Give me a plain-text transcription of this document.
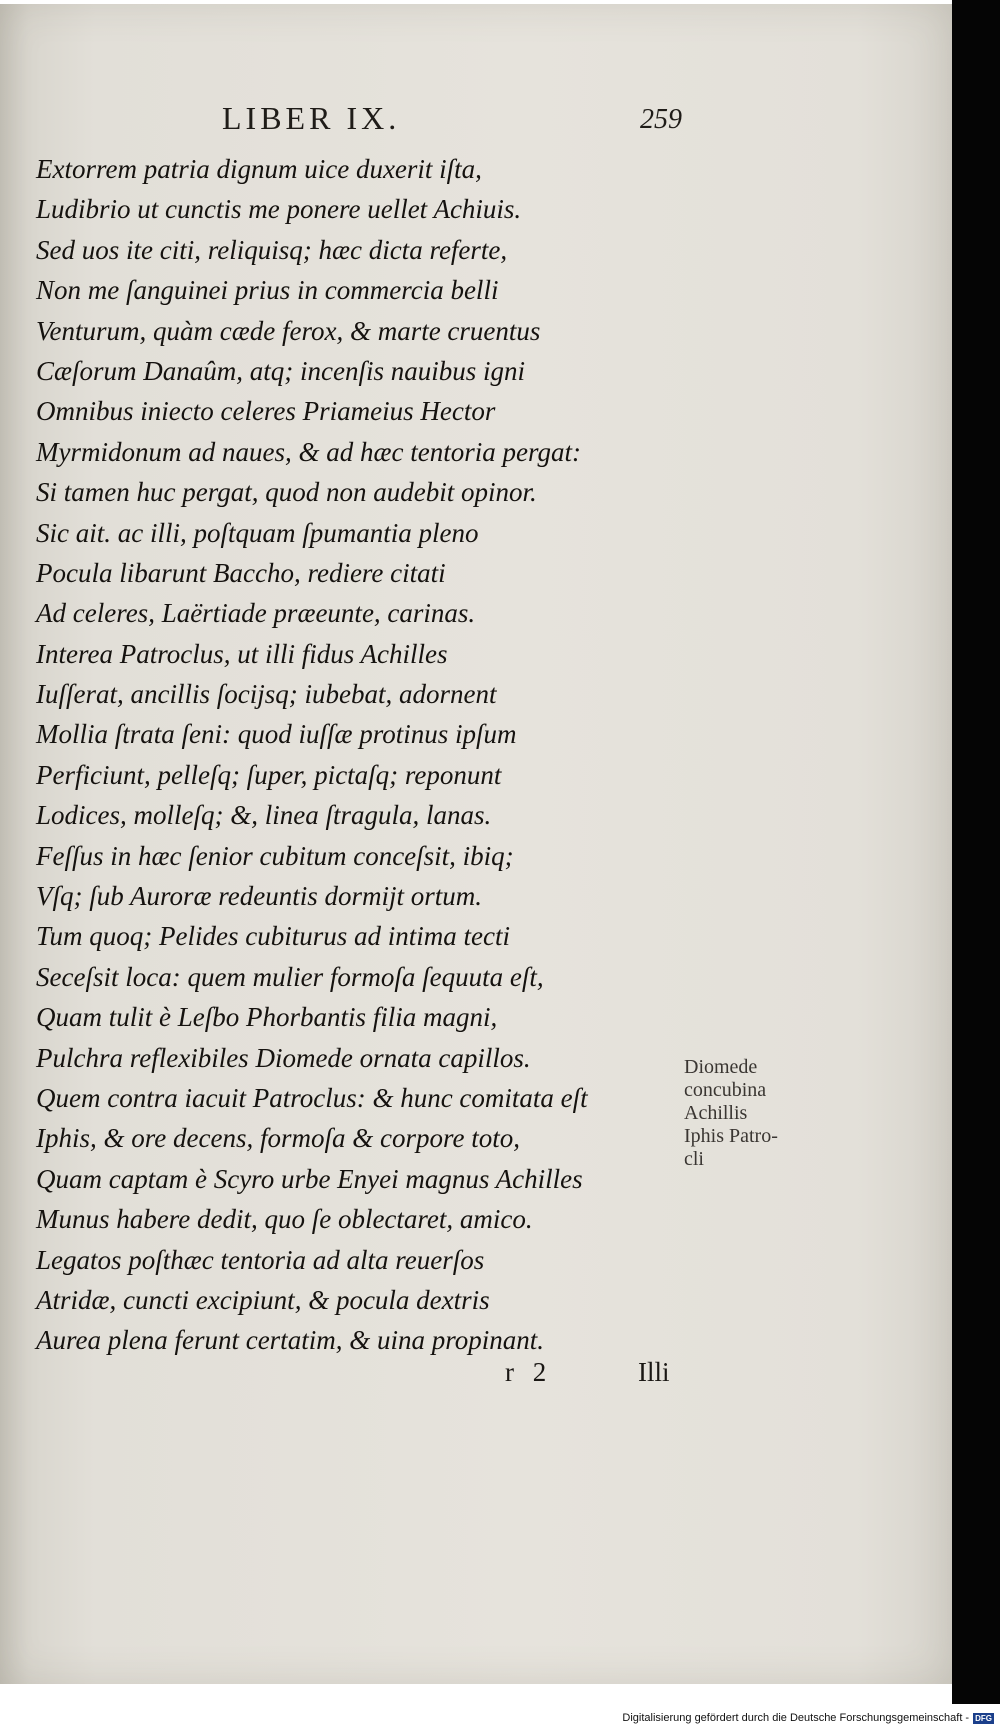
LIBER IX.	259
Extorrem patria dignum uice duxerit iſta,
Ludibrio ut cunctis me ponere uellet Achiuis.
Sed uos ite citi, reliquisq; hæc dicta referte,
Non me ſanguinei prius in commercia belli
Venturum, quàm cæde ferox, & marte cruentus
Cæſorum Danaûm, atq; incenſis nauibus igni
Omnibus iniecto celeres Priameius Hector
Myrmidonum ad naues, & ad hæc tentoria pergat:
Si tamen huc pergat, quod non audebit opinor.
Sic ait. ac illi, poſtquam ſpumantia pleno
Pocula libarunt Baccho, rediere citati
Ad celeres, Laërtiade præeunte, carinas.
Interea Patroclus, ut illi fidus Achilles
Iuſſerat, ancillis ſocijsq; iubebat, adornent
Mollia ſtrata ſeni: quod iuſſæ protinus ipſum
Perficiunt, pelleſq; ſuper, pictaſq; reponunt
Lodices, molleſq; &, linea ſtragula, lanas.
Feſſus in hæc ſenior cubitum conceſsit, ibiq;
Vſq; ſub Auroræ redeuntis dormijt ortum.
Tum quoq; Pelides cubiturus ad intima tecti
Seceſsit loca: quem mulier formoſa ſequuta eſt,
Quam tulit è Leſbo Phorbantis filia magni,
Pulchra reflexibiles Diomede ornata capillos.
Quem contra iacuit Patroclus: & hunc comitata eſt
Iphis, & ore decens, formoſa & corpore toto,
Quam captam è Scyro urbe Enyei magnus Achilles
Munus habere dedit, quo ſe oblectaret, amico.
Legatos poſthæc tentoria ad alta reuerſos
Atridæ, cuncti excipiunt, & pocula dextris
Aurea plena ferunt certatim, & uina propinant.
Diomede
concubina
Achillis
Iphis Patro-
cli
r 2	Illi
Digitalisierung gefördert durch die Deutsche Forschungsgemeinschaft - DFG
